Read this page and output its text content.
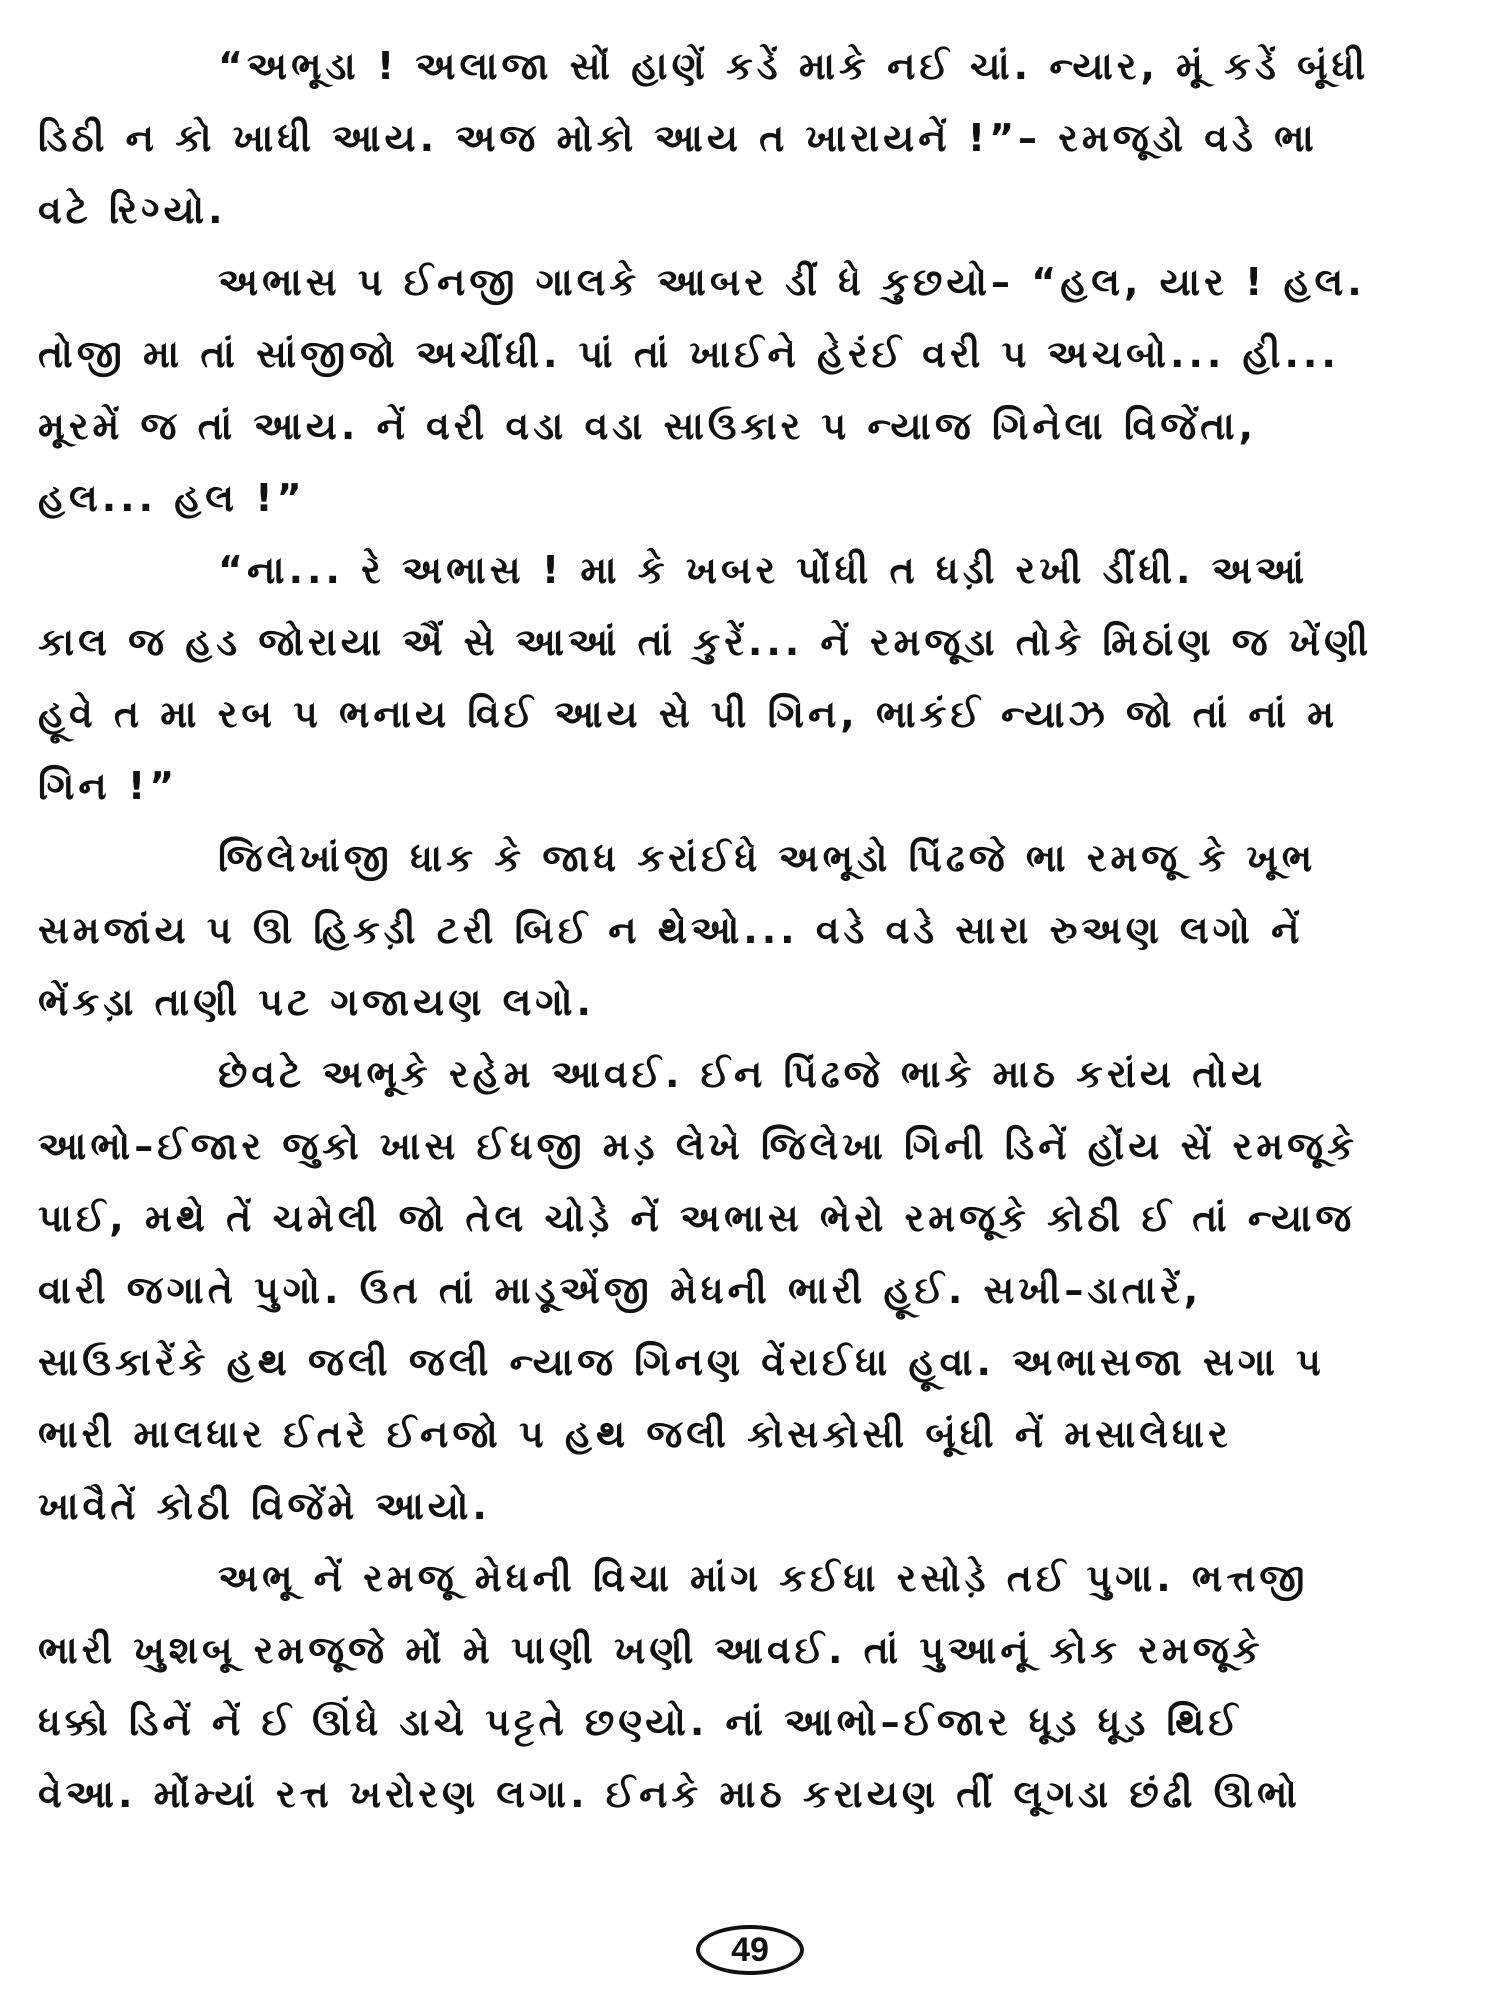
“અભૂડા ! અલાજા સોં હાણેં કડેં માકે નઈ ચાં. ન્યાર, મૂં કડેં બૂંધી
ડિઠી ન કો ખાધી આય. અજ મોકો આય ત ખારાયનેં !”– રમજૂડો વડે ભા
વટે રિગ્યો.

અભાસ પ ઈનજી ગાલકે આબર ડીં ધે કુછયો– “હલ, યાર ! હલ.
તોજી મા તાં સાંજીજો અચીંધી. પાં તાં ખાઈને હેરંઈ વરી પ અચબો... હી...
મૂરમેં જ તાં આય. નેં વરી વડા વડા સાઉકાર પ ન્યાજ ગિનેલા વિજેંતા,
હલ... હલ !”

“ના... રે અભાસ ! મા કે ખબર પોંધી ત ધડ઼ી રખી ડીંધી. અઆં
કાલ જ હડ જોરાયા ઐં સે આઆં તાં કુરેં... નેં રમજૂડા તોકે મિઠાંણ જ ખેંણી
હૂવે ત મા રબ પ ભનાય વિઈ આય સે પી ગિન, ભાકંઈ ન્યાઝ જો તાં નાં મ
ગિન !”

જિલેખાંજી ધાક કે જાધ કરાંઈધે અભૂડો પિંઢજે ભા રમજૂ કે ખૂભ
સમજાંય પ ઊ હિકડ઼ી ટરી બિઈ ન થેઓ... વડે વડે સારા રુઅણ લગો નેં
ભેંકડ઼ા તાણી પટ ગજાયણ લગો.

છેવટે અભૂકે રહેમ આવઈ. ઈન પિંઢજે ભાકે માઠ કરાંય તોય
આભો–ઈજાર જુકો ખાસ ઈધજી મડ઼ લેખે જિલેખા ગિની ડિનેં હોંય સેં રમજૂકે
પાઈ, મથે તેં ચમેલી જો તેલ ચોડ઼ે નેં અભાસ ભેરો રમજૂકે કોઠી ઈ તાં ન્યાજ
વારી જગાતે પુગો. ઉત તાં માડૂએંજી મેધની ભારી હૂઈ. સખી–ડાતારેં,
સાઉકારેંકે હથ જલી જલી ન્યાજ ગિનણ વેંરાઈધા હૂવા. અભાસજા સગા પ
ભારી માલધાર ઈતરે ઈનજો પ હથ જલી કોસકોસી બૂંધી નેં મસાલેધાર
ખાવૈતેં કોઠી વિજેંમે આયો.

અભૂ નેં રમજૂ મેધની વિચા માંગ કઈધા રસોડ઼ે તઈ પુગા. ભત્તજી
ભારી ખુશબૂ રમજૂજે મોં મે પાણી ખણી આવઈ. તાં પુઆનૂં કોક રમજૂકે
ધક્કો ડિનેં નેં ઈ ઊંધે ડાચે પટ્ટતે છણ્યો. નાં આભો–ઈજાર ધૂડ઼ ધૂડ઼ થિઈ
વેઆ. મોંમ્યાં રત્ત ખરોરણ લગા. ઈનકે માઠ કરાયણ તીં લૂગડા છંઢી ઊભો

49
